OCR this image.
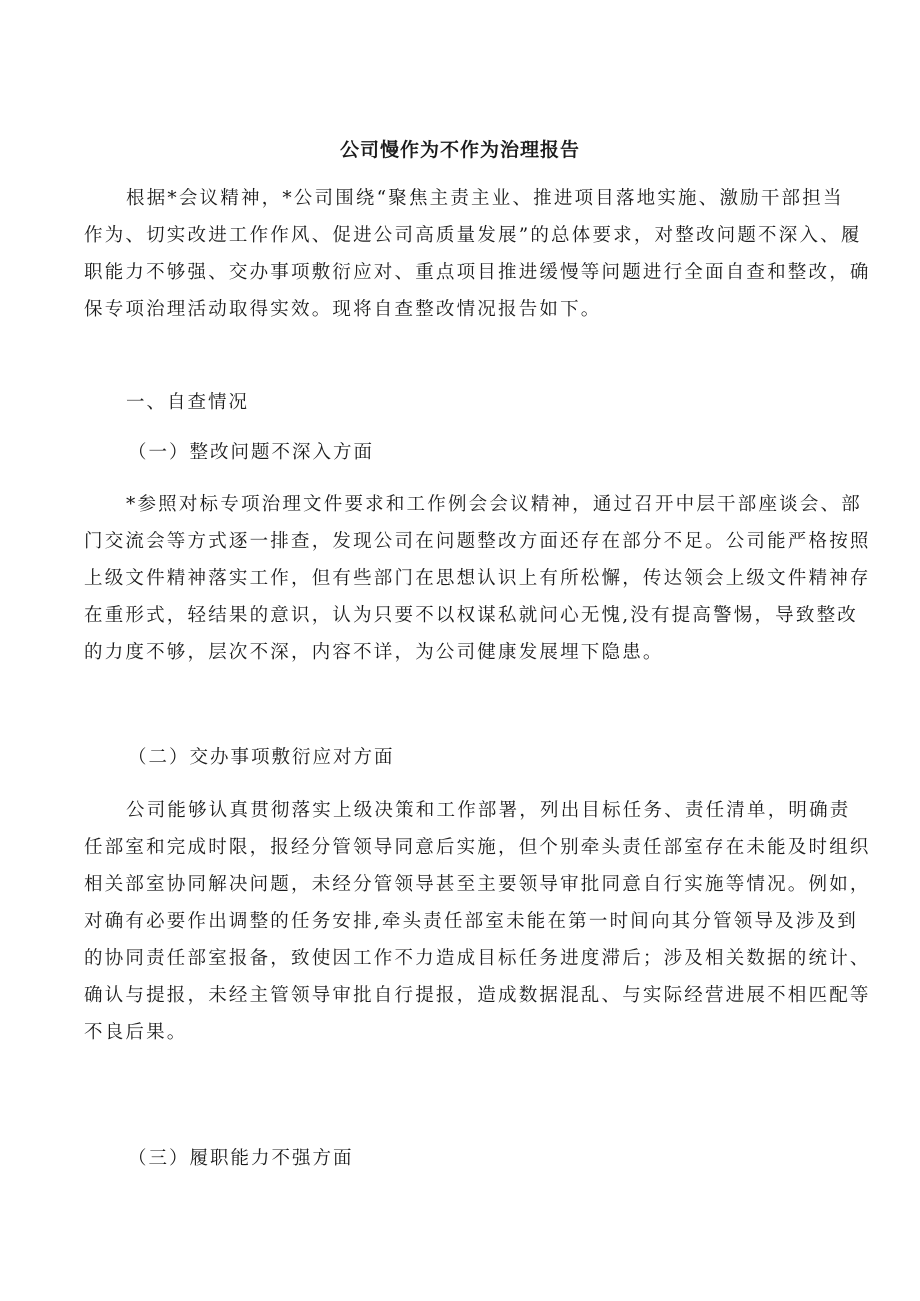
公司慢作为不作为治理报告
根据*会议精神，*公司围绕“聚焦主责主业、推进项目落地实施、激励干部担当
作为、切实改进工作作风、促进公司高质量发展”的总体要求，对整改问题不深入、履
职能力不够强、交办事项敷衍应对、重点项目推进缓慢等问题进行全面自查和整改，确
保专项治理活动取得实效。现将自查整改情况报告如下。
一、自查情况
（一）整改问题不深入方面
*参照对标专项治理文件要求和工作例会会议精神，通过召开中层干部座谈会、部
门交流会等方式逐一排查，发现公司在问题整改方面还存在部分不足。公司能严格按照
上级文件精神落实工作，但有些部门在思想认识上有所松懈，传达领会上级文件精神存
在重形式，轻结果的意识，认为只要不以权谋私就问心无愧,没有提高警惕，导致整改
的力度不够，层次不深，内容不详，为公司健康发展埋下隐患。
（二）交办事项敷衍应对方面
公司能够认真贯彻落实上级决策和工作部署，列出目标任务、责任清单，明确责
任部室和完成时限，报经分管领导同意后实施，但个别牵头责任部室存在未能及时组织
相关部室协同解决问题，未经分管领导甚至主要领导审批同意自行实施等情况。例如，
对确有必要作出调整的任务安排,牵头责任部室未能在第一时间向其分管领导及涉及到
的协同责任部室报备，致使因工作不力造成目标任务进度滞后；涉及相关数据的统计、
确认与提报，未经主管领导审批自行提报，造成数据混乱、与实际经营进展不相匹配等
不良后果。
（三）履职能力不强方面
